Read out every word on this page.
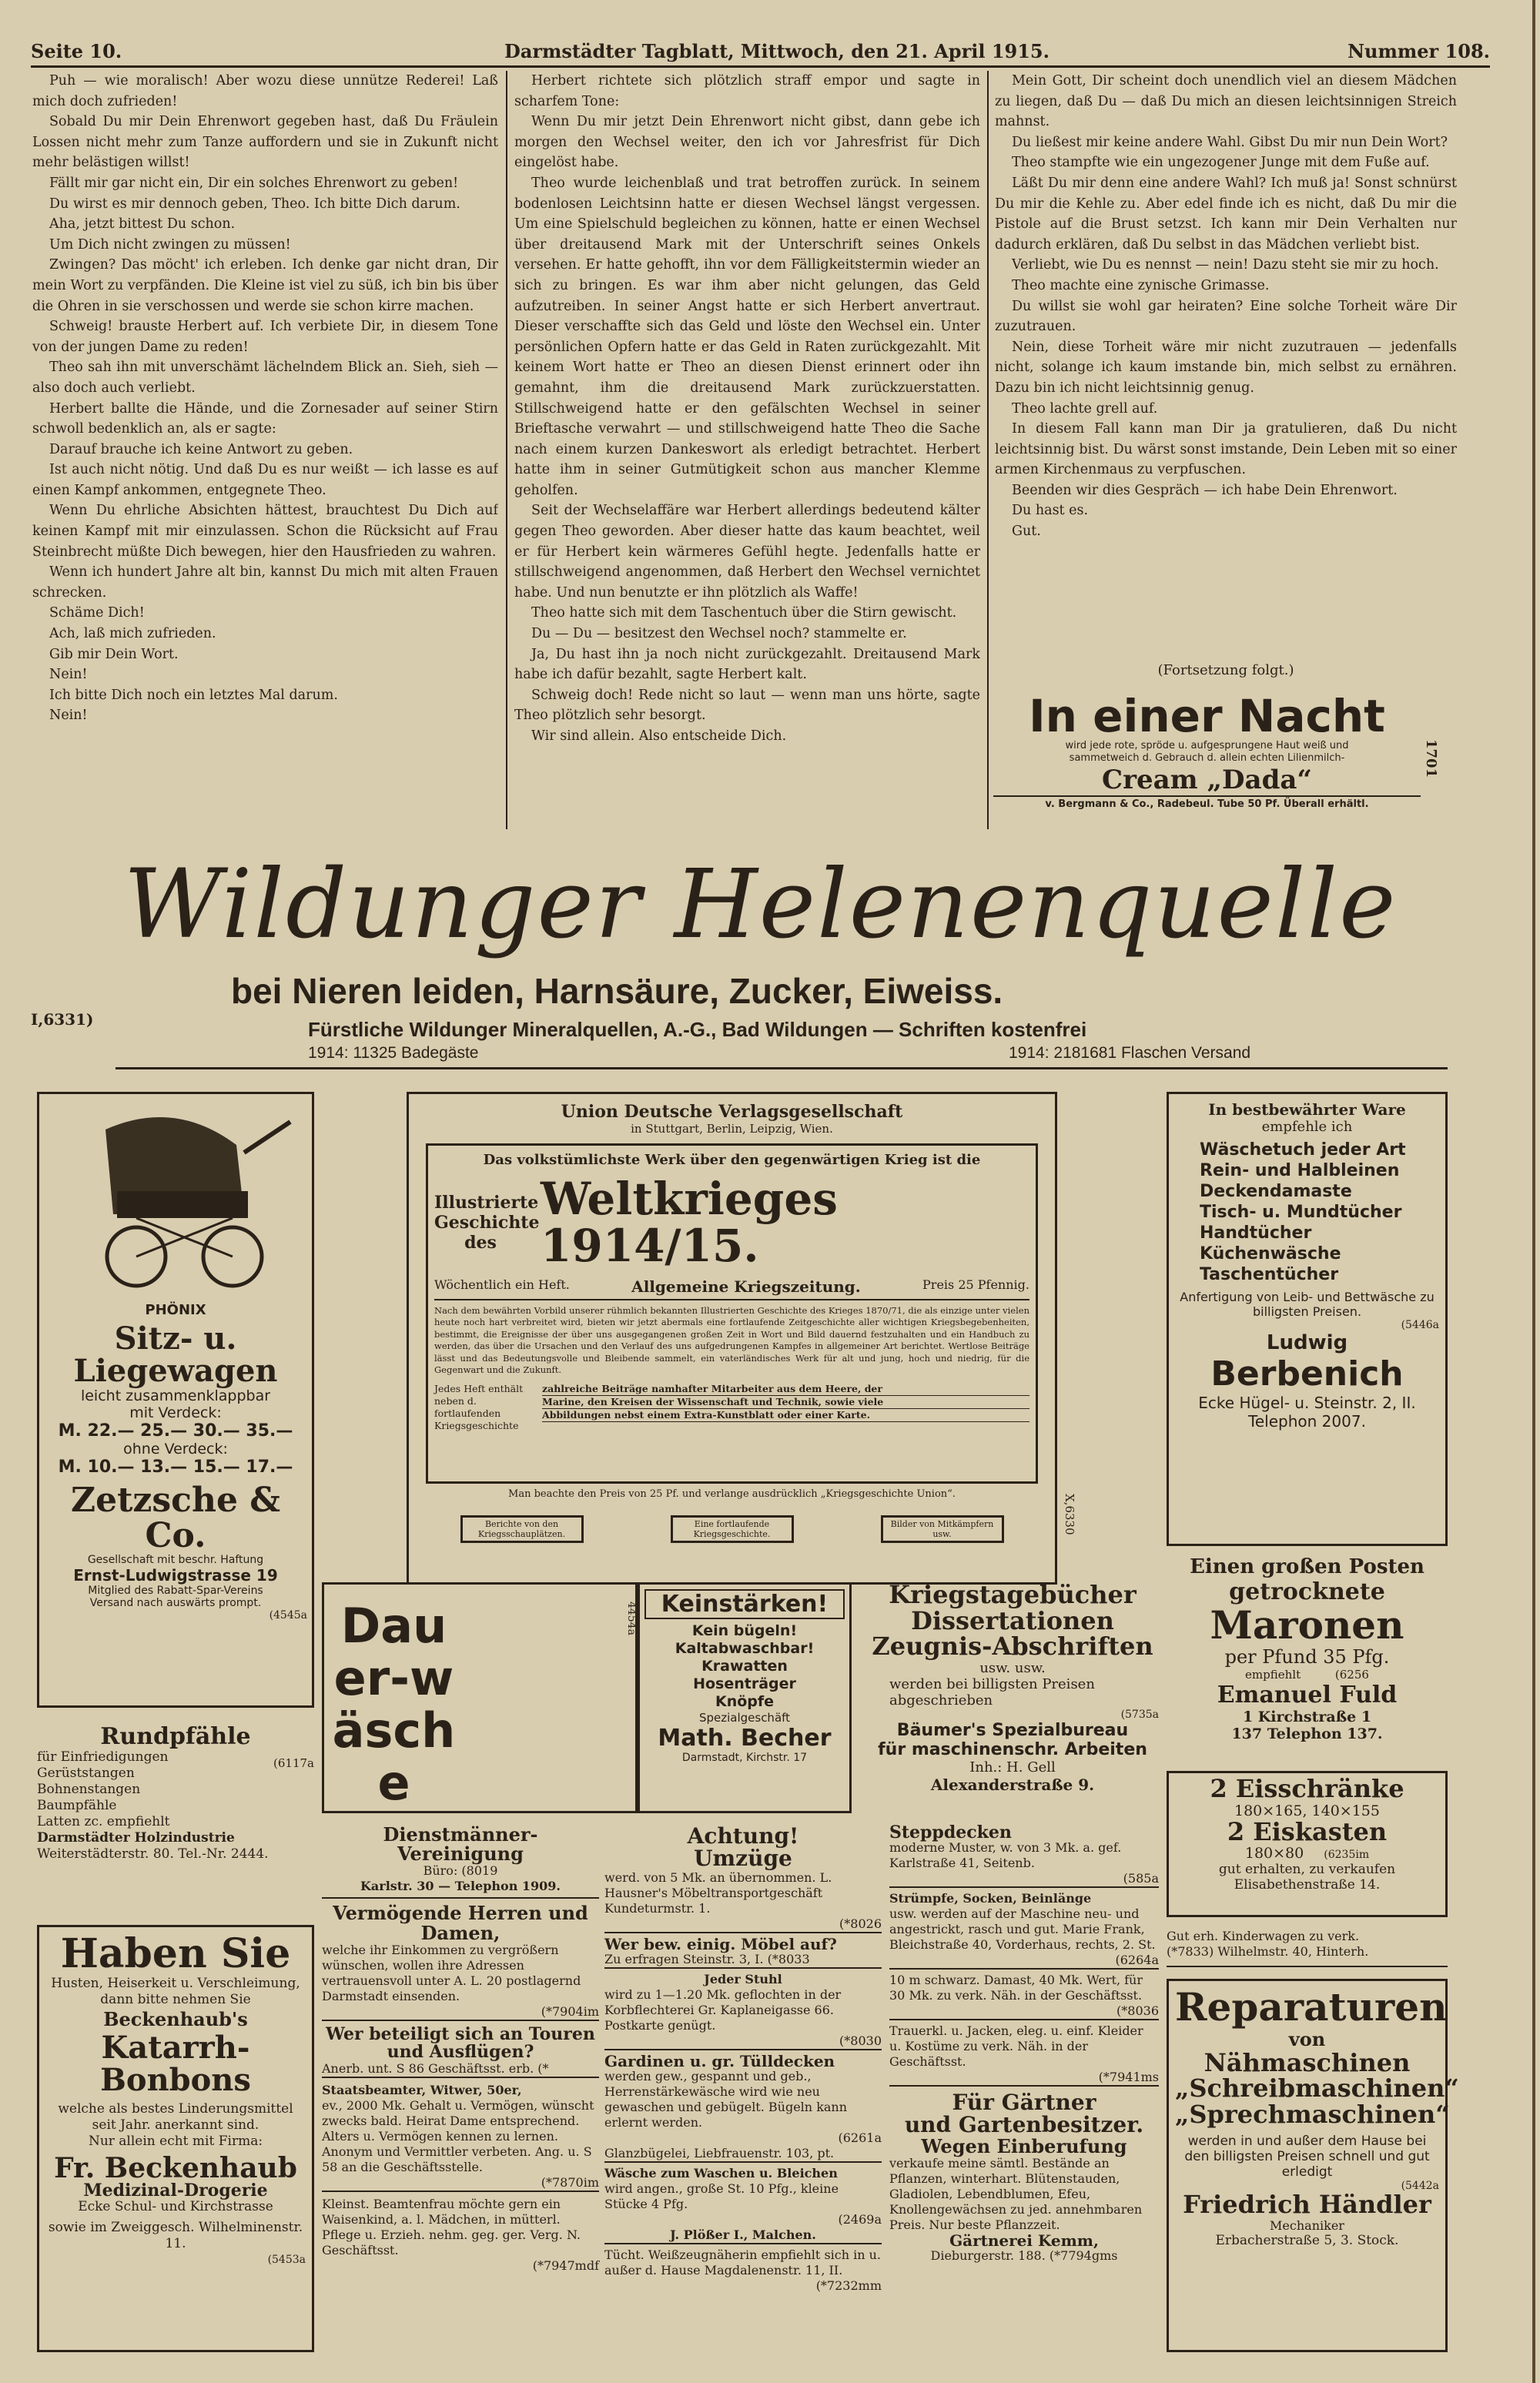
Seite 10.	Darmstädter Tagblatt, Mittwoch, den 21. April 1915.	Nummer 108.

Puh — wie moralisch! Aber wozu diese unnütze Rederei! Laß mich doch zufrieden!

Sobald Du mir Dein Ehrenwort gegeben hast, daß Du Fräulein Lossen nicht mehr zum Tanze auffordern und sie in Zukunft nicht mehr belästigen willst!

Fällt mir gar nicht ein, Dir ein solches Ehrenwort zu geben!

Du wirst es mir dennoch geben, Theo. Ich bitte Dich darum.

Aha, jetzt bittest Du schon.

Um Dich nicht zwingen zu müssen!

Zwingen? Das möcht' ich erleben. Ich denke gar nicht dran, Dir mein Wort zu verpfänden. Die Kleine ist viel zu süß, ich bin bis über die Ohren in sie verschossen und werde sie schon kirre machen.

Schweig! brauste Herbert auf. Ich verbiete Dir, in diesem Tone von der jungen Dame zu reden!

Theo sah ihn mit unverschämt lächelndem Blick an. Sieh, sieh — also doch auch verliebt.

Herbert ballte die Hände, und die Zornesader auf seiner Stirn schwoll bedenklich an, als er sagte:

Darauf brauche ich keine Antwort zu geben.

Ist auch nicht nötig. Und daß Du es nur weißt — ich lasse es auf einen Kampf ankommen, entgegnete Theo.

Wenn Du ehrliche Absichten hättest, brauchtest Du Dich auf keinen Kampf mit mir einzulassen. Schon die Rücksicht auf Frau Steinbrecht müßte Dich bewegen, hier den Hausfrieden zu wahren.

Wenn ich hundert Jahre alt bin, kannst Du mich mit alten Frauen schrecken.

Schäme Dich!

Ach, laß mich zufrieden.

Gib mir Dein Wort.

Nein!

Ich bitte Dich noch ein letztes Mal darum.

Nein!

Herbert richtete sich plötzlich straff empor und sagte in scharfem Tone:

Wenn Du mir jetzt Dein Ehrenwort nicht gibst, dann gebe ich morgen den Wechsel weiter, den ich vor Jahresfrist für Dich eingelöst habe.

Theo wurde leichenblaß und trat betroffen zurück. In seinem bodenlosen Leichtsinn hatte er diesen Wechsel längst vergessen. Um eine Spielschuld begleichen zu können, hatte er einen Wechsel über dreitausend Mark mit der Unterschrift seines Onkels versehen. Er hatte gehofft, ihn vor dem Fälligkeitstermin wieder an sich zu bringen. Es war ihm aber nicht gelungen, das Geld aufzutreiben. In seiner Angst hatte er sich Herbert anvertraut. Dieser verschaffte sich das Geld und löste den Wechsel ein. Unter persönlichen Opfern hatte er das Geld in Raten zurückgezahlt. Mit keinem Wort hatte er Theo an diesen Dienst erinnert oder ihn gemahnt, ihm die dreitausend Mark zurückzuerstatten. Stillschweigend hatte er den gefälschten Wechsel in seiner Brieftasche verwahrt — und stillschweigend hatte Theo die Sache nach einem kurzen Dankeswort als erledigt betrachtet. Herbert hatte ihm in seiner Gutmütigkeit schon aus mancher Klemme geholfen.

Seit der Wechselaffäre war Herbert allerdings bedeutend kälter gegen Theo geworden. Aber dieser hatte das kaum beachtet, weil er für Herbert kein wärmeres Gefühl hegte. Jedenfalls hatte er stillschweigend angenommen, daß Herbert den Wechsel vernichtet habe. Und nun benutzte er ihn plötzlich als Waffe!

Theo hatte sich mit dem Taschentuch über die Stirn gewischt.

Du — Du — besitzest den Wechsel noch? stammelte er.

Ja, Du hast ihn ja noch nicht zurückgezahlt. Dreitausend Mark habe ich dafür bezahlt, sagte Herbert kalt.

Schweig doch! Rede nicht so laut — wenn man uns hörte, sagte Theo plötzlich sehr besorgt.

Wir sind allein. Also entscheide Dich.

Mein Gott, Dir scheint doch unendlich viel an diesem Mädchen zu liegen, daß Du — daß Du mich an diesen leichtsinnigen Streich mahnst.

Du ließest mir keine andere Wahl. Gibst Du mir nun Dein Wort?

Theo stampfte wie ein ungezogener Junge mit dem Fuße auf.

Läßt Du mir denn eine andere Wahl? Ich muß ja! Sonst schnürst Du mir die Kehle zu. Aber edel finde ich es nicht, daß Du mir die Pistole auf die Brust setzst. Ich kann mir Dein Verhalten nur dadurch erklären, daß Du selbst in das Mädchen verliebt bist.

Verliebt, wie Du es nennst — nein! Dazu steht sie mir zu hoch.

Theo machte eine zynische Grimasse.

Du willst sie wohl gar heiraten? Eine solche Torheit wäre Dir zuzutrauen.

Nein, diese Torheit wäre mir nicht zuzutrauen — jedenfalls nicht, solange ich kaum imstande bin, mich selbst zu ernähren. Dazu bin ich nicht leichtsinnig genug.

Theo lachte grell auf.

In diesem Fall kann man Dir ja gratulieren, daß Du nicht leichtsinnig bist. Du wärst sonst imstande, Dein Leben mit so einer armen Kirchenmaus zu verpfuschen.

Beenden wir dies Gespräch — ich habe Dein Ehrenwort.

Du hast es.

Gut.

(Fortsetzung folgt.)
In einer Nacht
wird jede rote, spröde u. aufgesprungene Haut weiß und
sammetweich d. Gebrauch d. allein echten Lilienmilch-
Cream „Dada“
v. Bergmann & Co., Radebeul. Tube 50 Pf. Überall erhältl.
1701
Wildunger Helenenquelle
bei Nieren leiden, Harnsäure, Zucker, Eiweiss.
Fürstliche Wildunger Mineralquellen, A.-G., Bad Wildungen — Schriften kostenfrei
1914: 11325 Badegäste	1914: 2181681 Flaschen Versand
I,6331)
PHÖNIX
Sitz- u. Liegewagen
leicht zusammenklappbar
mit Verdeck:
M. 22.— 25.— 30.— 35.—
ohne Verdeck:
M. 10.— 13.— 15.— 17.—
Zetzsche & Co.
Gesellschaft mit beschr. Haftung
Ernst-Ludwigstrasse 19
Mitglied des Rabatt-Spar-Vereins
Versand nach auswärts prompt.
(4545a
Rundpfähle
(6117a
für Einfriedigungen
Gerüststangen
Bohnenstangen
Baumpfähle
Latten zc. empfiehlt
Darmstädter Holzindustrie
Weiterstädterstr. 80. Tel.-Nr. 2444.
Haben Sie
Husten, Heiserkeit u. Verschleimung, dann bitte nehmen Sie
Beckenhaub's
Katarrh-Bonbons
welche als bestes Linderungsmittel seit Jahr. anerkannt sind.
Nur allein echt mit Firma:
Fr. Beckenhaub
Medizinal-Drogerie
Ecke Schul- und Kirchstrasse
sowie im Zweiggesch. Wilhelminenstr. 11.
(5453a
Union Deutsche Verlagsgesellschaft
in Stuttgart, Berlin, Leipzig, Wien.
Das volkstümlichste Werk über den gegenwärtigen Krieg ist die
Illustrierte Geschichte des
Weltkrieges 1914/15.
Wöchentlich ein Heft.	Allgemeine Kriegszeitung.	Preis 25 Pfennig.
Nach dem bewährten Vorbild unserer rühmlich bekannten Illustrierten Geschichte des Krieges 1870/71, die als einzige unter vielen heute noch hart verbreitet wird, bieten wir jetzt abermals eine fortlaufende Zeitgeschichte aller wichtigen Kriegsbegebenheiten, bestimmt, die Ereignisse der über uns ausgegangenen großen Zeit in Wort und Bild dauernd festzuhalten und ein Handbuch zu werden, das über die Ursachen und den Verlauf des uns aufgedrungenen Kampfes in allgemeiner Art berichtet. Wertlose Beiträge lässt und das Bedeutungsvolle und Bleibende sammelt, ein vaterländisches Werk für alt und jung, hoch und niedrig, für die Gegenwart und die Zukunft.
Jedes Heft enthält neben d. fortlaufenden Kriegsgeschichte
zahlreiche Beiträge namhafter Mitarbeiter aus dem Heere, der
Marine, den Kreisen der Wissenschaft und Technik, sowie viele
Abbildungen nebst einem Extra-Kunstblatt oder einer Karte.
Man beachte den Preis von 25 Pf. und verlange ausdrücklich „Kriegsgeschichte Union“.
Berichte von den Kriegsschauplätzen.
Eine fortlaufende Kriegsgeschichte.
Bilder von Mitkämpfern usw.	X,6330
In bestbewährter Ware
empfehle ich
Wäschetuch jeder Art
Rein- und Halbleinen
Deckendamaste
Tisch- u. Mundtücher
Handtücher
Küchenwäsche
Taschentücher
Anfertigung von Leib- und Bettwäsche zu billigsten Preisen.
(5446a
Ludwig
Berbenich
Ecke Hügel- u. Steinstr. 2, II.
Telephon 2007.
Einen großen Posten
getrocknete
Maronen
per Pfund 35 Pfg.
empfiehlt	(6256
Emanuel Fuld
1 Kirchstraße 1
137 Telephon 137.
Dauer-wäsche
4454a	Keinstärken!
Kein bügeln!
Kaltabwaschbar!
Krawatten
Hosenträger
Knöpfe
Spezialgeschäft
Math. Becher
Darmstadt, Kirchstr. 17
Kriegstagebücher
Dissertationen
Zeugnis-Abschriften
usw. usw.
werden bei billigsten Preisen abgeschrieben
(5735a
Bäumer's Spezialbureau
für maschinenschr. Arbeiten
Inh.: H. Gell
Alexanderstraße 9.	2 Eisschränke
180×165, 140×155
2 Eiskasten
180×80 (6235im
gut erhalten, zu verkaufen
Elisabethenstraße 14.
Gut erh. Kinderwagen zu verk.
(*7833) Wilhelmstr. 40, Hinterh.
Reparaturen
von
Nähmaschinen
„Schreibmaschinen“
„Sprechmaschinen“
werden in und außer dem Hause bei den billigsten Preisen schnell und gut erledigt
(5442a
Friedrich Händler
Mechaniker
Erbacherstraße 5, 3. Stock.
Dienstmänner-Vereinigung
Büro: (8019
Karlstr. 30 — Telephon 1909.
Vermögende Herren und Damen,
welche ihr Einkommen zu vergrößern wünschen, wollen ihre Adressen vertrauensvoll unter A. L. 20 postlagernd Darmstadt einsenden.
(*7904im
Wer beteiligt sich an Touren und Ausflügen?
Anerb. unt. S 86 Geschäftsst. erb. (*
Staatsbeamter, Witwer, 50er,
ev., 2000 Mk. Gehalt u. Vermögen, wünscht zwecks bald. Heirat Dame entsprechend. Alters u. Vermögen kennen zu lernen. Anonym und Vermittler verbeten. Ang. u. S 58 an die Geschäftsstelle.
(*7870im
Kleinst. Beamtenfrau möchte gern ein Waisenkind, a. l. Mädchen, in mütterl. Pflege u. Erzieh. nehm. geg. ger. Verg. N. Geschäftsst.
(*7947mdf
Achtung!
Umzüge
werd. von 5 Mk. an übernommen. L. Hausner's Möbeltransportgeschäft Kundeturmstr. 1.
(*8026
Wer bew. einig. Möbel auf?
Zu erfragen Steinstr. 3, I. (*8033
Jeder Stuhl
wird zu 1—1.20 Mk. geflochten in der Korbflechterei Gr. Kaplaneigasse 66. Postkarte genügt.
(*8030
Gardinen u. gr. Tülldecken
werden gew., gespannt und geb., Herrenstärkewäsche wird wie neu gewaschen und gebügelt. Bügeln kann erlernt werden.
(6261a
Glanzbügelei, Liebfrauenstr. 103, pt.
Wäsche zum Waschen u. Bleichen
wird angen., große St. 10 Pfg., kleine Stücke 4 Pfg.
(2469a
J. Plößer I., Malchen.
Tücht. Weißzeugnäherin empfiehlt sich in u. außer d. Hause Magdalenenstr. 11, II.
(*7232mm
Steppdecken
moderne Muster, w. von 3 Mk. a. gef. Karlstraße 41, Seitenb.
(585a
Strümpfe, Socken, Beinlänge
usw. werden auf der Maschine neu- und angestrickt, rasch und gut. Marie Frank, Bleichstraße 40, Vorderhaus, rechts, 2. St.
(6264a
10 m schwarz. Damast, 40 Mk. Wert, für 30 Mk. zu verk. Näh. in der Geschäftsst.
(*8036
Trauerkl. u. Jacken, eleg. u. einf. Kleider u. Kostüme zu verk. Näh. in der Geschäftsst.
(*7941ms
Für Gärtner
und Gartenbesitzer.
Wegen Einberufung
verkaufe meine sämtl. Bestände an Pflanzen, winterhart. Blütenstauden, Gladiolen, Lebendblumen, Efeu, Knollengewächsen zu jed. annehmbaren Preis. Nur beste Pflanzzeit.
Gärtnerei Kemm,
Dieburgerstr. 188. (*7794gms
